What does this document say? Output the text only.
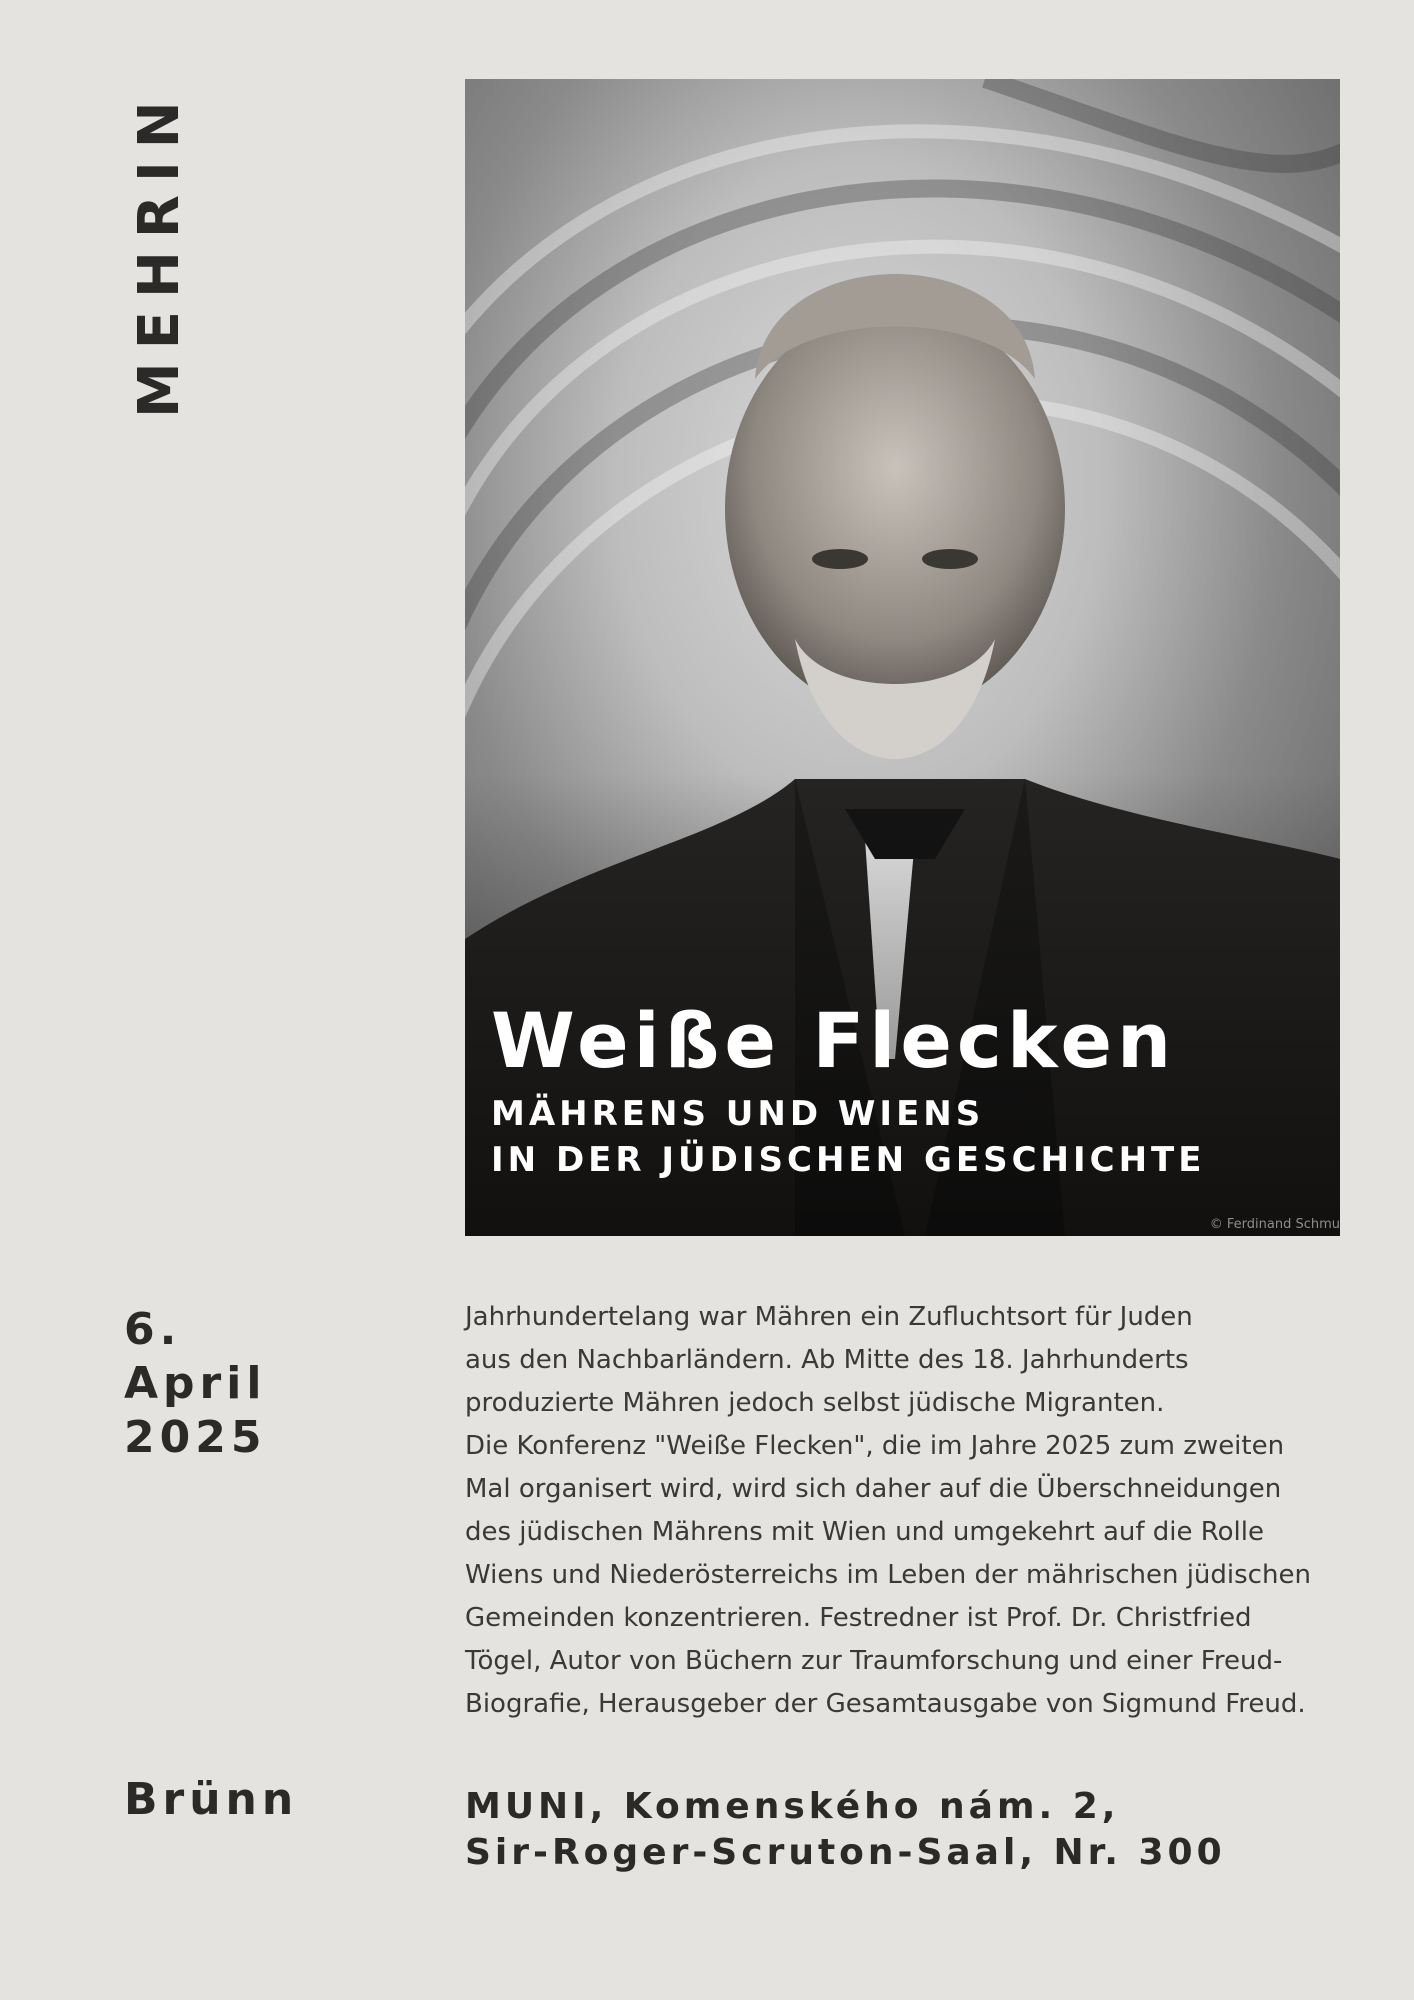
MEHRIN
Weiße Flecken
MÄHRENS UND WIENS
IN DER JÜDISCHEN GESCHICHTE
© Ferdinand Schmu
6.
April
2025
Jahrhundertelang war Mähren ein Zufluchtsort für Juden
aus den Nachbarländern. Ab Mitte des 18. Jahrhunderts
produzierte Mähren jedoch selbst jüdische Migranten.
Die Konferenz "Weiße Flecken", die im Jahre 2025 zum zweiten
Mal organisert wird, wird sich daher auf die Überschneidungen
des jüdischen Mährens mit Wien und umgekehrt auf die Rolle
Wiens und Niederösterreichs im Leben der mährischen jüdischen
Gemeinden konzentrieren. Festredner ist Prof. Dr. Christfried
Tögel, Autor von Büchern zur Traumforschung und einer Freud-
Biografie, Herausgeber der Gesamtausgabe von Sigmund Freud.
Brünn	MUNI, Komenského nám. 2,
Sir-Roger-Scruton-Saal, Nr. 300
